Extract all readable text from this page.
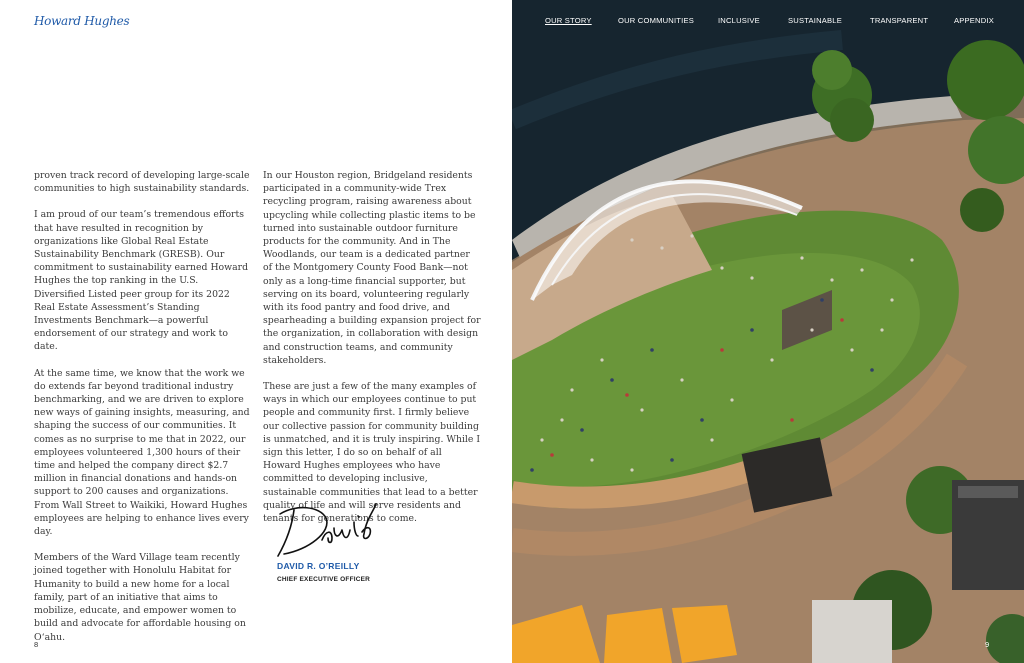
Howard Hughes

proven track record of developing large-scale communities to high sustainability standards.

I am proud of our team’s tremendous efforts that have resulted in recognition by organizations like Global Real Estate Sustainability Benchmark (GRESB). Our commitment to sustainability earned Howard Hughes the top ranking in the U.S. Diversified Listed peer group for its 2022 Real Estate Assessment’s Standing Investments Benchmark—a powerful endorsement of our strategy and work to date.

At the same time, we know that the work we do extends far beyond traditional industry benchmarking, and we are driven to explore new ways of gaining insights, measuring, and shaping the success of our communities. It comes as no surprise to me that in 2022, our employees volunteered 1,300 hours of their time and helped the company direct $2.7 million in financial donations and hands-on support to 200 causes and organizations. From Wall Street to Waikiki, Howard Hughes employees are helping to enhance lives every day.

Members of the Ward Village team recently joined together with Honolulu Habitat for Humanity to build a new home for a local family, part of an initiative that aims to mobilize, educate, and empower women to build and advocate for affordable housing on Oʻahu.

In our Houston region, Bridgeland residents participated in a community-wide Trex recycling program, raising awareness about upcycling while collecting plastic items to be turned into sustainable outdoor furniture products for the community. And in The Woodlands, our team is a dedicated partner of the Montgomery County Food Bank—not only as a long-time financial supporter, but serving on its board, volunteering regularly with its food pantry and food drive, and spearheading a building expansion project for the organization, in collaboration with design and construction teams, and community stakeholders.

These are just a few of the many examples of ways in which our employees continue to put people and community first. I firmly believe our collective passion for community building is unmatched, and it is truly inspiring. While I sign this letter, I do so on behalf of all Howard Hughes employees who have committed to developing inclusive, sustainable communities that lead to a better quality of life and will serve residents and tenants for generations to come.

DAVID R. O’REILLY
CHIEF EXECUTIVE OFFICER
8
OUR STORY	OUR COMMUNITIES	INCLUSIVE	SUSTAINABLE	TRANSPARENT	APPENDIX
9
